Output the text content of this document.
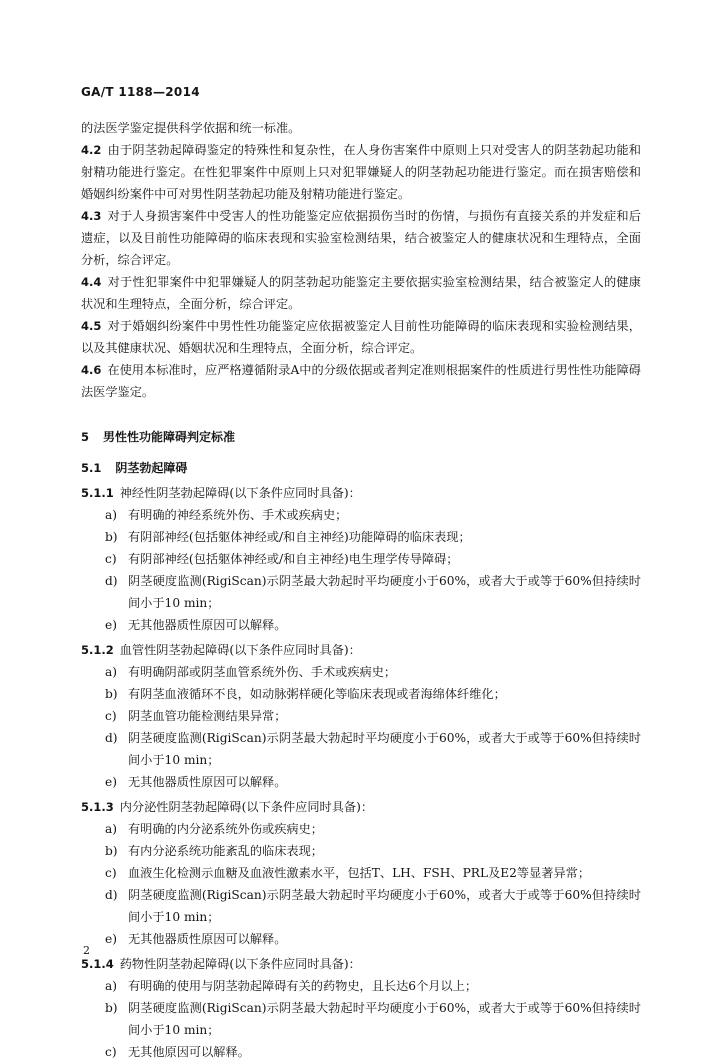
GA/T 1188—2014

的法医学鉴定提供科学依据和统一标准。

4.2 由于阴茎勃起障碍鉴定的特殊性和复杂性，在人身伤害案件中原则上只对受害人的阴茎勃起功能和射精功能进行鉴定。在性犯罪案件中原则上只对犯罪嫌疑人的阴茎勃起功能进行鉴定。而在损害赔偿和婚姻纠纷案件中可对男性阴茎勃起功能及射精功能进行鉴定。

4.3 对于人身损害案件中受害人的性功能鉴定应依据损伤当时的伤情，与损伤有直接关系的并发症和后遗症，以及目前性功能障碍的临床表现和实验室检测结果，结合被鉴定人的健康状况和生理特点，全面分析，综合评定。

4.4 对于性犯罪案件中犯罪嫌疑人的阴茎勃起功能鉴定主要依据实验室检测结果，结合被鉴定人的健康状况和生理特点，全面分析，综合评定。

4.5 对于婚姻纠纷案件中男性性功能鉴定应依据被鉴定人目前性功能障碍的临床表现和实验检测结果，以及其健康状况、婚姻状况和生理特点，全面分析，综合评定。

4.6 在使用本标准时，应严格遵循附录A中的分级依据或者判定准则根据案件的性质进行男性性功能障碍法医学鉴定。

5 男性性功能障碍判定标准

5.1 阴茎勃起障碍

5.1.1 神经性阴茎勃起障碍(以下条件应同时具备)：

a) 有明确的神经系统外伤、手术或疾病史；
b) 有阴部神经(包括躯体神经或/和自主神经)功能障碍的临床表现；
c) 有阴部神经(包括躯体神经或/和自主神经)电生理学传导障碍；
d) 阴茎硬度监测(RigiScan)示阴茎最大勃起时平均硬度小于60%，或者大于或等于60%但持续时间小于10 min；
e) 无其他器质性原因可以解释。

5.1.2 血管性阴茎勃起障碍(以下条件应同时具备)：

a) 有明确阴部或阴茎血管系统外伤、手术或疾病史；
b) 有阴茎血液循环不良，如动脉粥样硬化等临床表现或者海绵体纤维化；
c) 阴茎血管功能检测结果异常；
d) 阴茎硬度监测(RigiScan)示阴茎最大勃起时平均硬度小于60%，或者大于或等于60%但持续时间小于10 min；
e) 无其他器质性原因可以解释。

5.1.3 内分泌性阴茎勃起障碍(以下条件应同时具备)：

a) 有明确的内分泌系统外伤或疾病史；
b) 有内分泌系统功能紊乱的临床表现；
c) 血液生化检测示血糖及血液性激素水平，包括T、LH、FSH、PRL及E2等显著异常；
d) 阴茎硬度监测(RigiScan)示阴茎最大勃起时平均硬度小于60%，或者大于或等于60%但持续时间小于10 min；
e) 无其他器质性原因可以解释。

5.1.4 药物性阴茎勃起障碍(以下条件应同时具备)：

a) 有明确的使用与阴茎勃起障碍有关的药物史，且长达6个月以上；
b) 阴茎硬度监测(RigiScan)示阴茎最大勃起时平均硬度小于60%，或者大于或等于60%但持续时间小于10 min；
c) 无其他原因可以解释。
2
